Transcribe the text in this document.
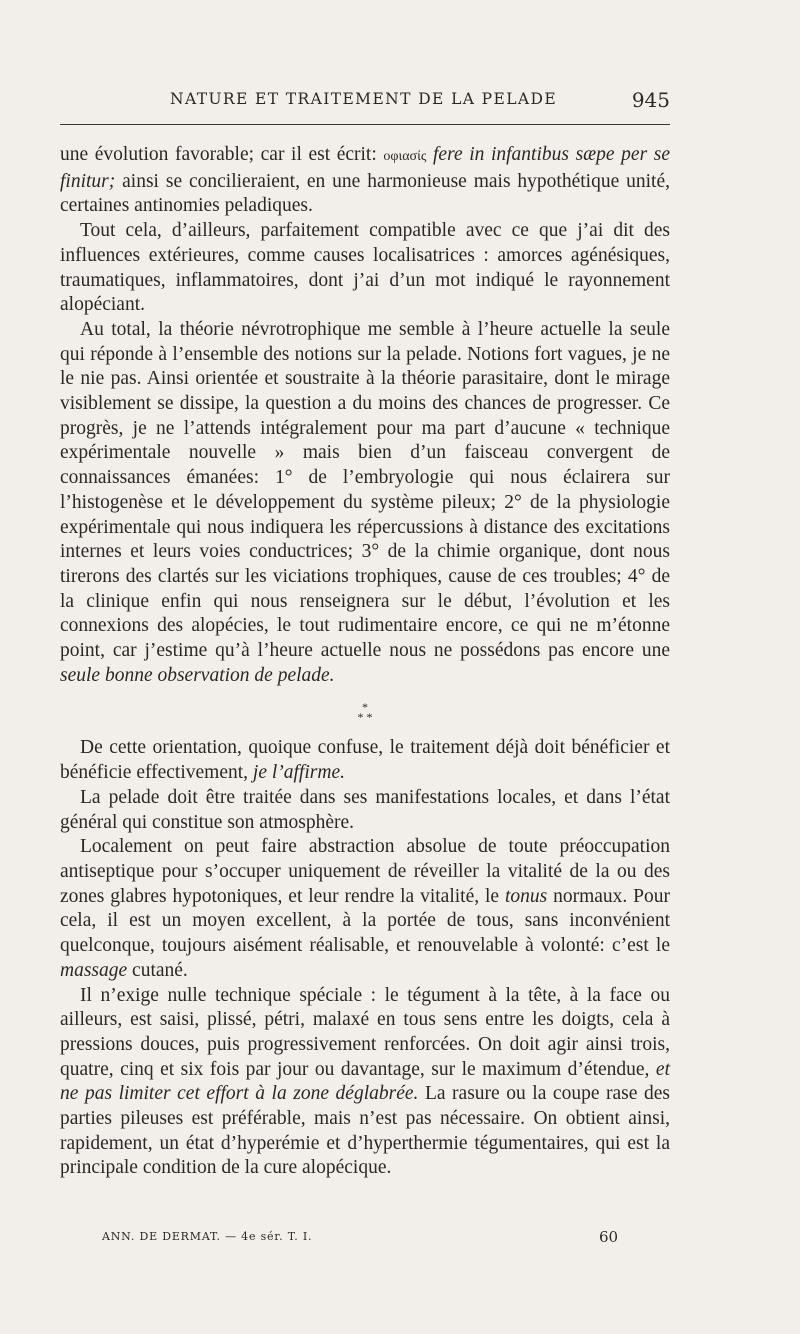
NATURE ET TRAITEMENT DE LA PELADE	945

une évolution favorable; car il est écrit: οφιασίς fere in infantibus sæpe per se finitur; ainsi se concilieraient, en une harmonieuse mais hypothétique unité, certaines antinomies peladiques.

Tout cela, d’ailleurs, parfaitement compatible avec ce que j’ai dit des influences extérieures, comme causes localisatrices : amorces agénésiques, traumatiques, inflammatoires, dont j’ai d’un mot indiqué le rayonnement alopéciant.

Au total, la théorie névrotrophique me semble à l’heure actuelle la seule qui réponde à l’ensemble des notions sur la pelade. Notions fort vagues, je ne le nie pas. Ainsi orientée et soustraite à la théorie parasitaire, dont le mirage visiblement se dissipe, la question a du moins des chances de progresser. Ce progrès, je ne l’attends intégralement pour ma part d’aucune « technique expérimentale nouvelle » mais bien d’un faisceau convergent de connaissances émanées: 1° de l’embryologie qui nous éclairera sur l’histogenèse et le développement du système pileux; 2° de la physiologie expérimentale qui nous indiquera les répercussions à distance des excitations internes et leurs voies conductrices; 3° de la chimie organique, dont nous tirerons des clartés sur les viciations trophiques, cause de ces troubles; 4° de la clinique enfin qui nous renseignera sur le début, l’évolution et les connexions des alopécies, le tout rudimentaire encore, ce qui ne m’étonne point, car j’estime qu’à l’heure actuelle nous ne possédons pas encore une seule bonne observation de pelade.

*
* *

De cette orientation, quoique confuse, le traitement déjà doit bénéficier et bénéficie effectivement, je l’affirme.

La pelade doit être traitée dans ses manifestations locales, et dans l’état général qui constitue son atmosphère.

Localement on peut faire abstraction absolue de toute préoccupation antiseptique pour s’occuper uniquement de réveiller la vitalité de la ou des zones glabres hypotoniques, et leur rendre la vitalité, le tonus normaux. Pour cela, il est un moyen excellent, à la portée de tous, sans inconvénient quelconque, toujours aisément réalisable, et renouvelable à volonté: c’est le massage cutané.

Il n’exige nulle technique spéciale : le tégument à la tête, à la face ou ailleurs, est saisi, plissé, pétri, malaxé en tous sens entre les doigts, cela à pressions douces, puis progressivement renforcées. On doit agir ainsi trois, quatre, cinq et six fois par jour ou davantage, sur le maximum d’étendue, et ne pas limiter cet effort à la zone déglabrée. La rasure ou la coupe rase des parties pileuses est préférable, mais n’est pas nécessaire. On obtient ainsi, rapidement, un état d’hyperémie et d’hyperthermie tégumentaires, qui est la principale condition de la cure alopécique.

ANN. DE DERMAT. — 4e sér. T. I.	60
